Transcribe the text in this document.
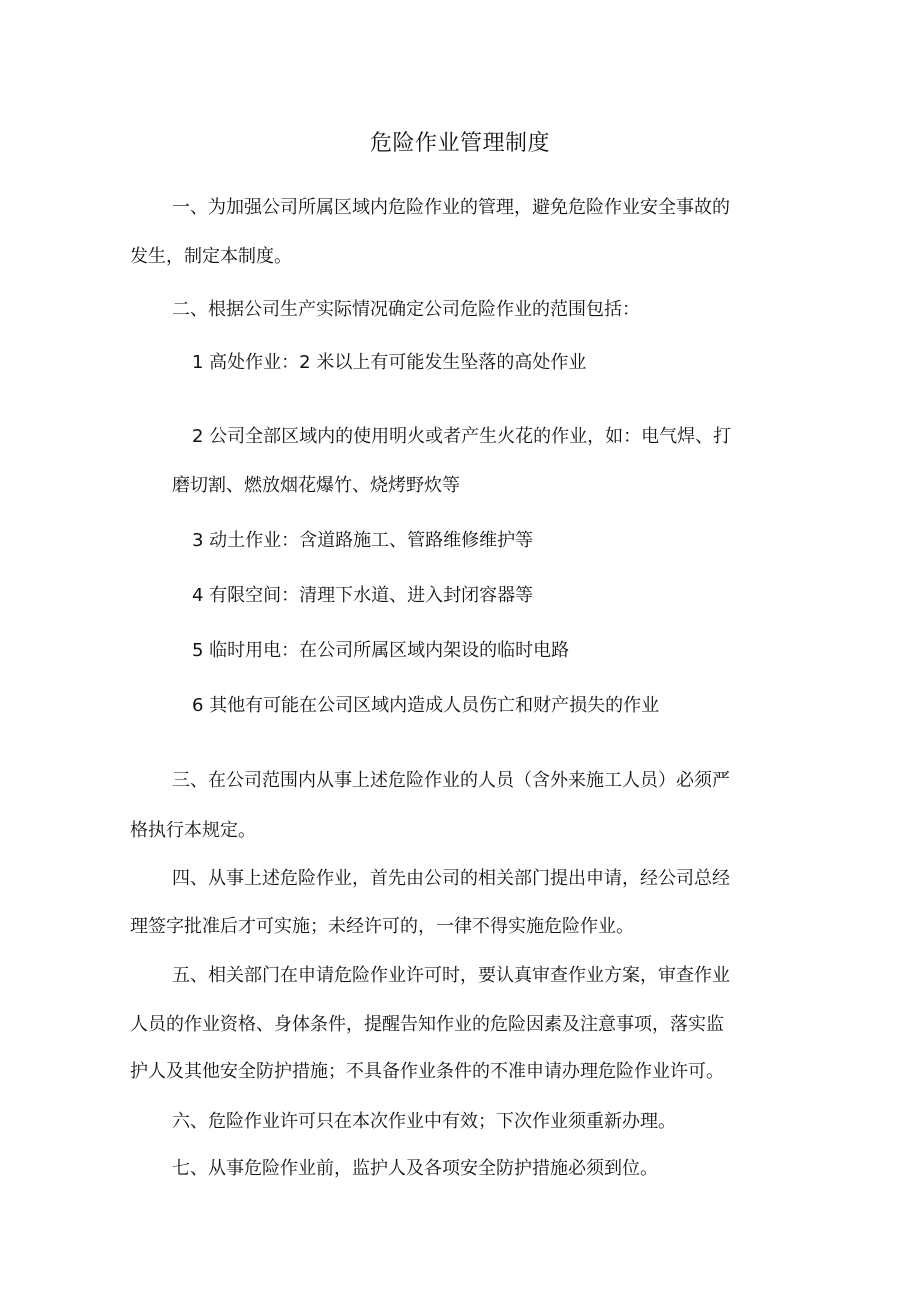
危险作业管理制度
一、为加强公司所属区域内危险作业的管理，避免危险作业安全事故的
发生，制定本制度。
二、根据公司生产实际情况确定公司危险作业的范围包括：
1 高处作业：2 米以上有可能发生坠落的高处作业
2 公司全部区域内的使用明火或者产生火花的作业，如：电气焊、打
磨切割、燃放烟花爆竹、烧烤野炊等
3 动土作业：含道路施工、管路维修维护等
4 有限空间：清理下水道、进入封闭容器等
5 临时用电：在公司所属区域内架设的临时电路
6 其他有可能在公司区域内造成人员伤亡和财产损失的作业
三、在公司范围内从事上述危险作业的人员（含外来施工人员）必须严
格执行本规定。
四、从事上述危险作业，首先由公司的相关部门提出申请，经公司总经
理签字批准后才可实施；未经许可的，一律不得实施危险作业。
五、相关部门在申请危险作业许可时，要认真审查作业方案，审查作业
人员的作业资格、身体条件，提醒告知作业的危险因素及注意事项，落实监
护人及其他安全防护措施；不具备作业条件的不准申请办理危险作业许可。
六、危险作业许可只在本次作业中有效；下次作业须重新办理。
七、从事危险作业前，监护人及各项安全防护措施必须到位。
